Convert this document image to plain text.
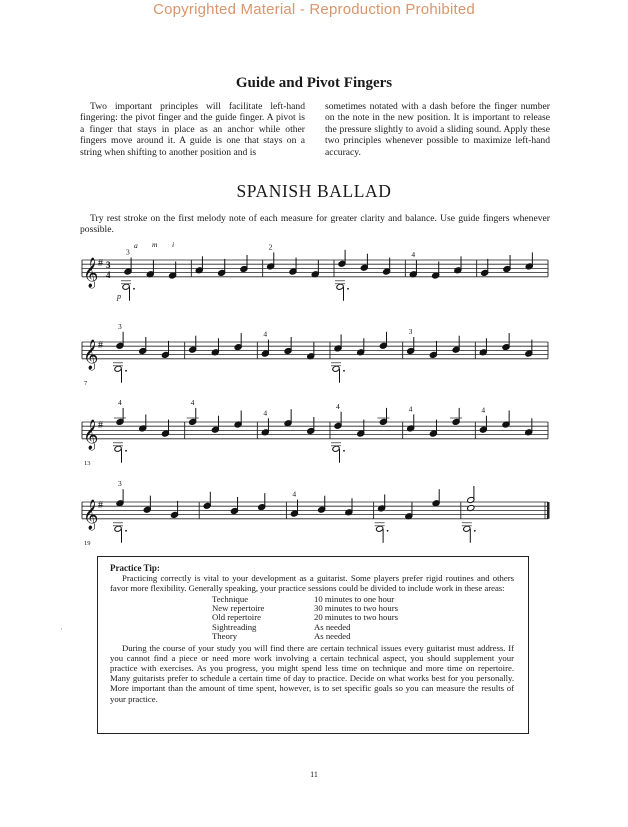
Copyrighted Material - Reproduction Prohibited
Guide and Pivot Fingers

Two important principles will facilitate left-hand fingering: the pivot finger and the guide finger. A pivot is a finger that stays in place as an anchor while other fingers move around it. A guide is one that stays on a string when shifting to another position and is

sometimes notated with a dash before the finger number on the note in the new position. It is important to release the pressure slightly to avoid a sliding sound. Apply these two principles whenever possible to maximize left-hand accuracy.

SPANISH BALLAD
Try rest stroke on the first melody note of each measure for greater clarity and balance. Use guide fingers whenever possible.
𝄞 # 3
4
3
2
4
a m i
p
𝄞 #
3
4	3
7
𝄞 #
4	4
4
4	4	4
13
𝄞 #
3
4
19
·

Practice Tip:

Practicing correctly is vital to your development as a guitarist. Some players prefer rigid routines and others favor more flexibility. Generally speaking, your practice sessions could be divided to include work in these areas:

Technique	10 minutes to one hour
New repertoire	30 minutes to two hours
Old repertoire	20 minutes to two hours
Sightreading	As needed
Theory	As needed

During the course of your study you will find there are certain technical issues every guitarist must address. If you cannot find a piece or need more work involving a certain technical aspect, you should supplement your practice with exercises. As you progress, you might spend less time on technique and more time on repertoire. Many guitarists prefer to schedule a certain time of day to practice. Decide on what works best for you personally. More important than the amount of time spent, however, is to set specific goals so you can measure the results of your practice.

11
